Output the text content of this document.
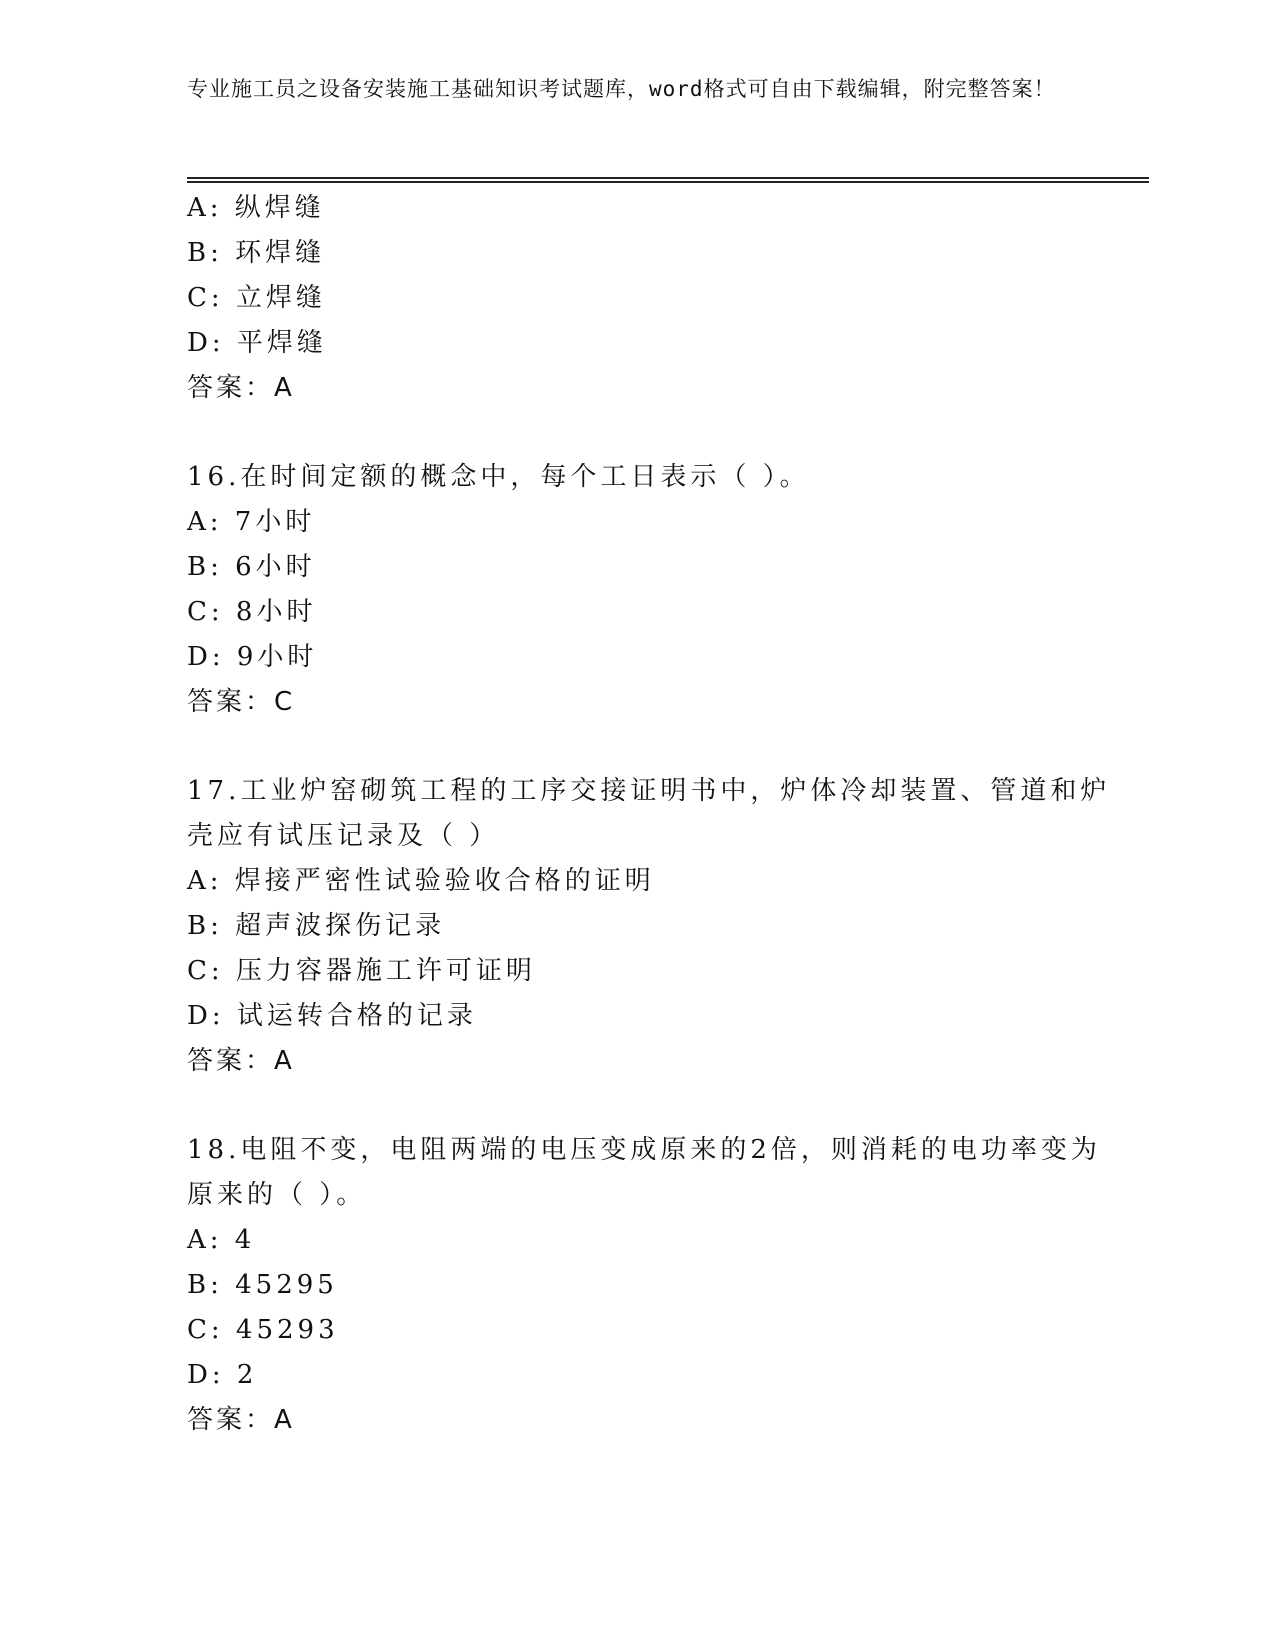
专业施工员之设备安装施工基础知识考试题库，word格式可自由下载编辑，附完整答案！
A: 纵焊缝
B: 环焊缝
C: 立焊缝
D: 平焊缝
答案：A
16.在时间定额的概念中，每个工日表示（ ）。
A: 7小时
B: 6小时
C: 8小时
D: 9小时
答案：C
17.工业炉窑砌筑工程的工序交接证明书中，炉体冷却装置、管道和炉
壳应有试压记录及（ ）
A: 焊接严密性试验验收合格的证明
B: 超声波探伤记录
C: 压力容器施工许可证明
D: 试运转合格的记录
答案：A
18.电阻不变，电阻两端的电压变成原来的2倍，则消耗的电功率变为
原来的（ ）。
A: 4
B: 45295
C: 45293
D: 2
答案：A
